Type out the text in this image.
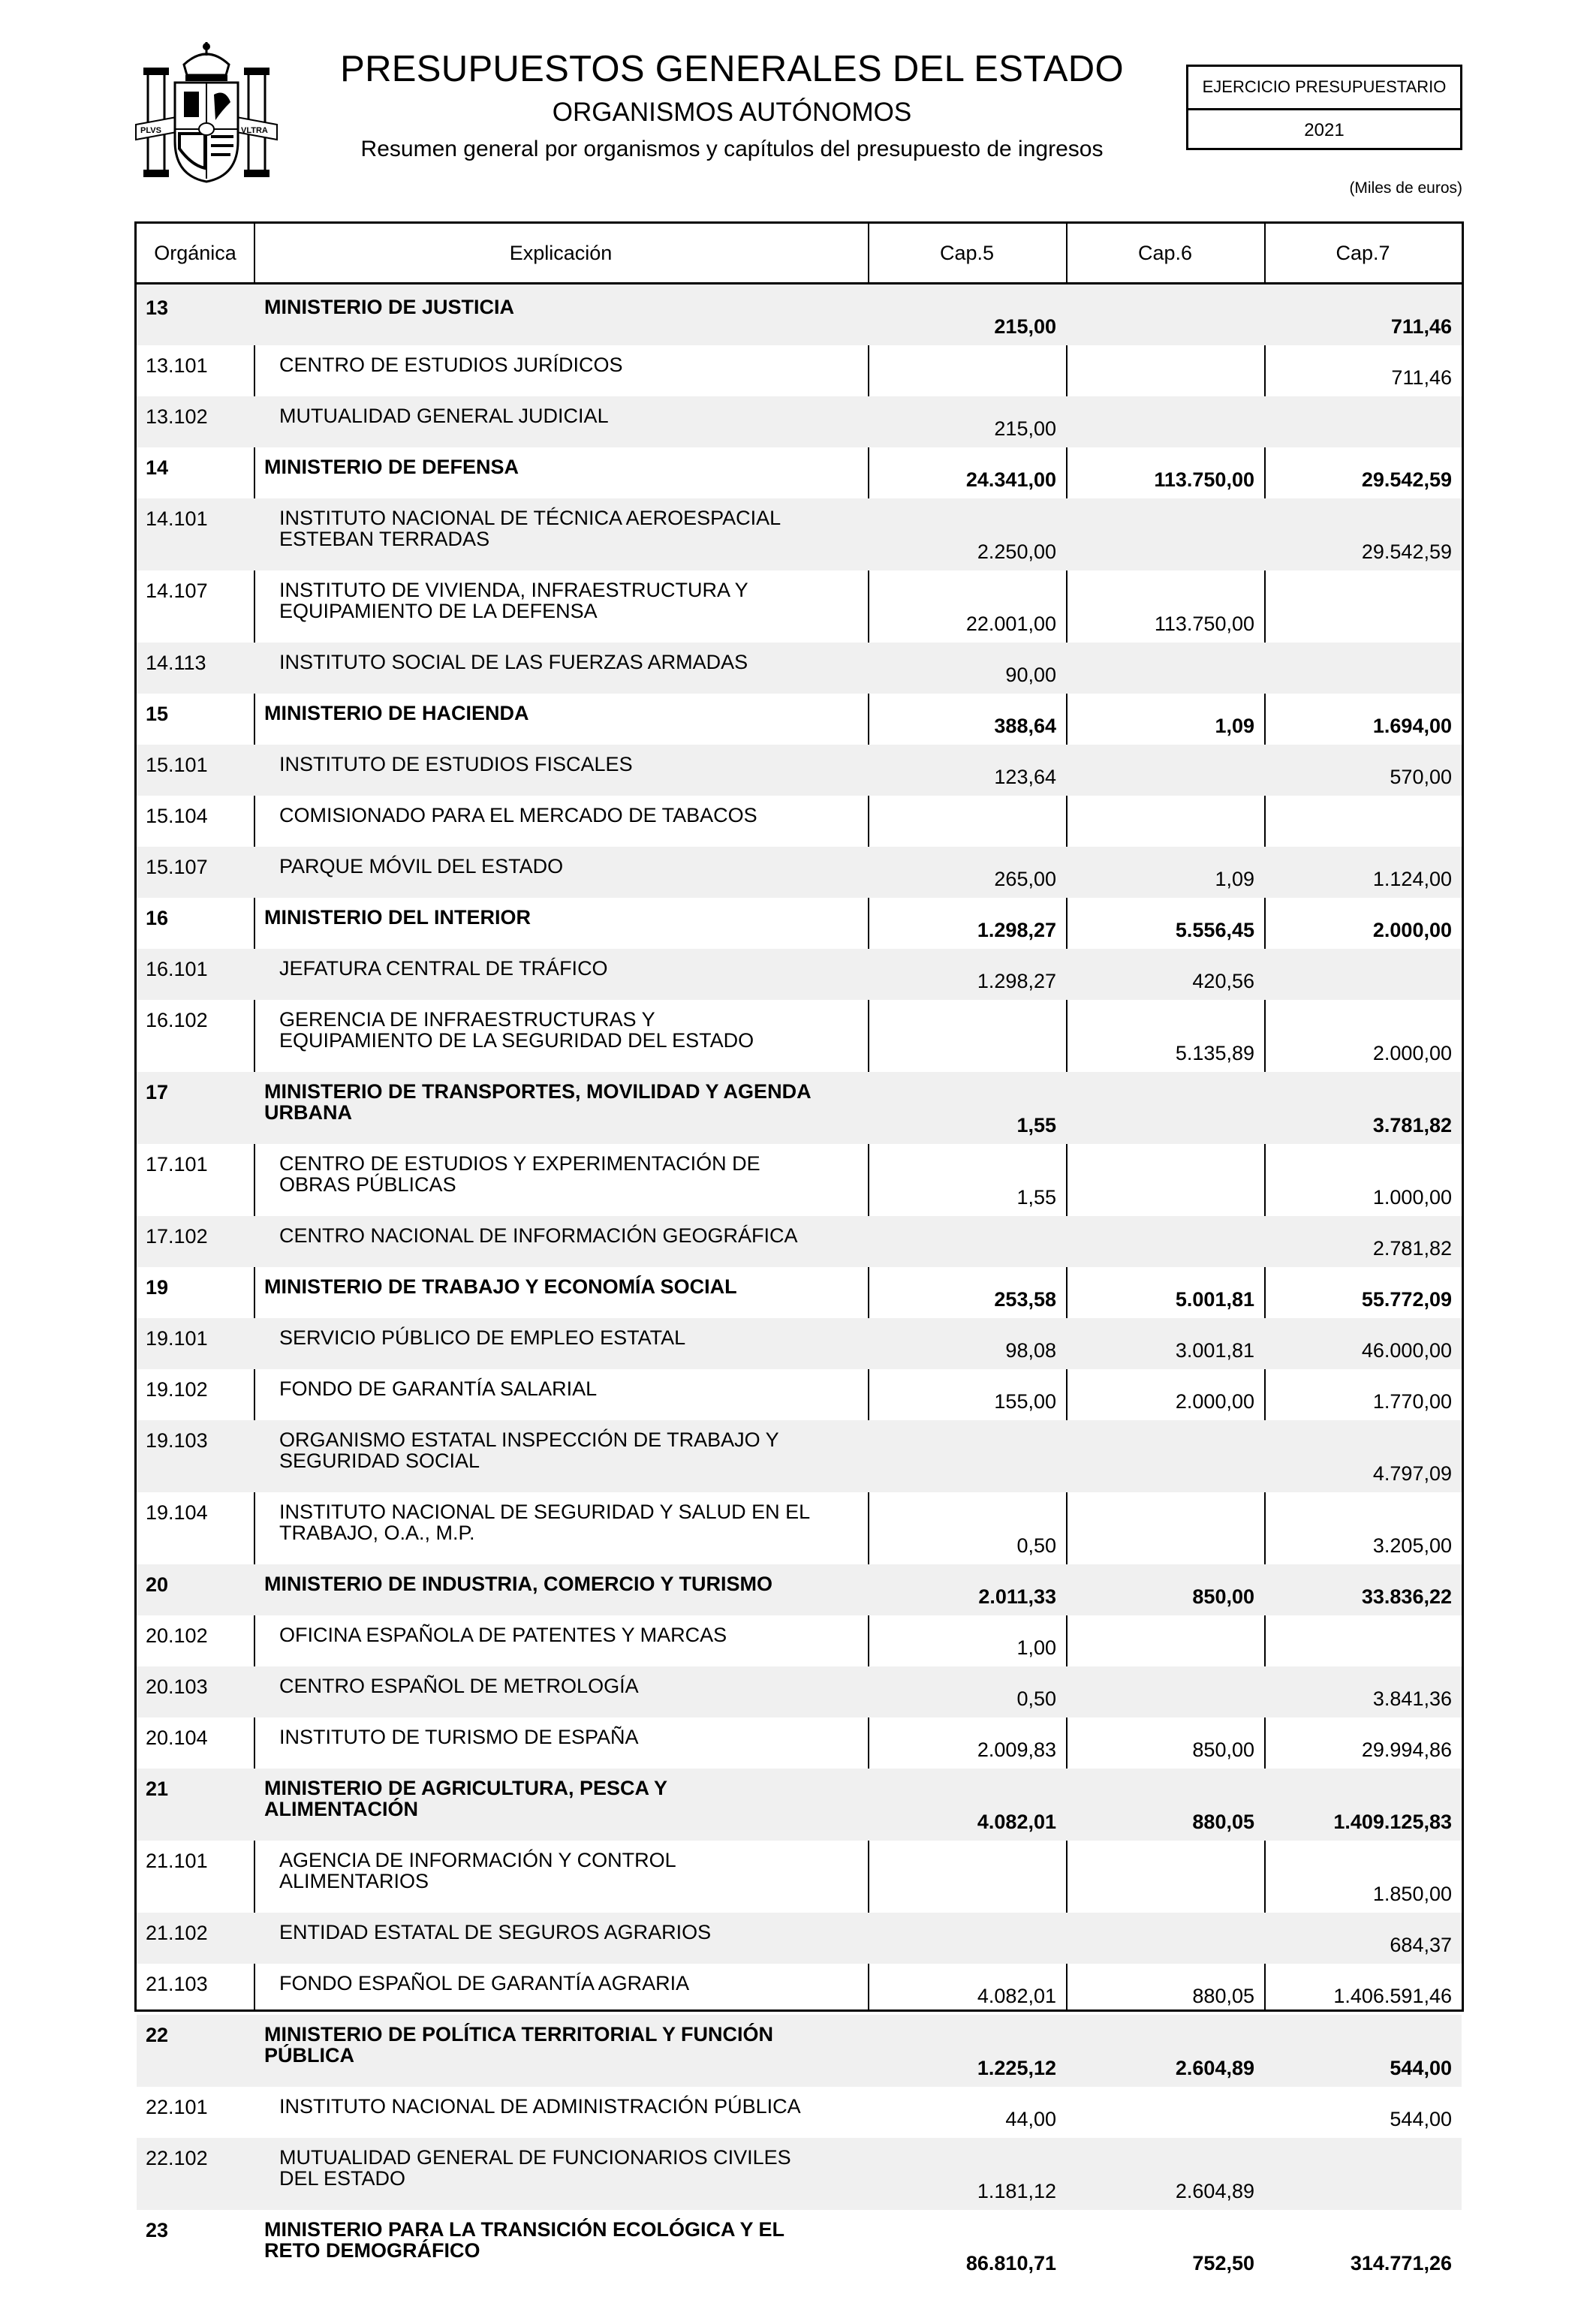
PLVS	VLTRA
PRESUPUESTOS GENERALES DEL ESTADO
ORGANISMOS AUTÓNOMOS
Resumen general por organismos y capítulos del presupuesto de ingresos
EJERCICIO PRESUPUESTARIO
2021
(Miles de euros)
Orgánica	Explicación	Cap.5	Cap.6	Cap.7
13	MINISTERIO DE JUSTICIA	215,00		711,46
13.101	CENTRO DE ESTUDIOS JURÍDICOS			711,46
13.102	MUTUALIDAD GENERAL JUDICIAL	215,00		
14	MINISTERIO DE DEFENSA	24.341,00	113.750,00	29.542,59
14.101	INSTITUTO NACIONAL DE TÉCNICA AEROESPACIAL
ESTEBAN TERRADAS	2.250,00		29.542,59
14.107	INSTITUTO DE VIVIENDA, INFRAESTRUCTURA Y
EQUIPAMIENTO DE LA DEFENSA	22.001,00	113.750,00	
14.113	INSTITUTO SOCIAL DE LAS FUERZAS ARMADAS	90,00		
15	MINISTERIO DE HACIENDA	388,64	1,09	1.694,00
15.101	INSTITUTO DE ESTUDIOS FISCALES	123,64		570,00
15.104	COMISIONADO PARA EL MERCADO DE TABACOS			
15.107	PARQUE MÓVIL DEL ESTADO	265,00	1,09	1.124,00
16	MINISTERIO DEL INTERIOR	1.298,27	5.556,45	2.000,00
16.101	JEFATURA CENTRAL DE TRÁFICO	1.298,27	420,56	
16.102	GERENCIA DE INFRAESTRUCTURAS Y
EQUIPAMIENTO DE LA SEGURIDAD DEL ESTADO		5.135,89	2.000,00
17	MINISTERIO DE TRANSPORTES, MOVILIDAD Y AGENDA
URBANA	1,55		3.781,82
17.101	CENTRO DE ESTUDIOS Y EXPERIMENTACIÓN DE
OBRAS PÚBLICAS	1,55		1.000,00
17.102	CENTRO NACIONAL DE INFORMACIÓN GEOGRÁFICA			2.781,82
19	MINISTERIO DE TRABAJO Y ECONOMÍA SOCIAL	253,58	5.001,81	55.772,09
19.101	SERVICIO PÚBLICO DE EMPLEO ESTATAL	98,08	3.001,81	46.000,00
19.102	FONDO DE GARANTÍA SALARIAL	155,00	2.000,00	1.770,00
19.103	ORGANISMO ESTATAL INSPECCIÓN DE TRABAJO Y
SEGURIDAD SOCIAL			4.797,09
19.104	INSTITUTO NACIONAL DE SEGURIDAD Y SALUD EN EL
TRABAJO, O.A., M.P.	0,50		3.205,00
20	MINISTERIO DE INDUSTRIA, COMERCIO Y TURISMO	2.011,33	850,00	33.836,22
20.102	OFICINA ESPAÑOLA DE PATENTES Y MARCAS	1,00		
20.103	CENTRO ESPAÑOL DE METROLOGÍA	0,50		3.841,36
20.104	INSTITUTO DE TURISMO DE ESPAÑA	2.009,83	850,00	29.994,86
21	MINISTERIO DE AGRICULTURA, PESCA Y
ALIMENTACIÓN	4.082,01	880,05	1.409.125,83
21.101	AGENCIA DE INFORMACIÓN Y CONTROL
ALIMENTARIOS			1.850,00
21.102	ENTIDAD ESTATAL DE SEGUROS AGRARIOS			684,37
21.103	FONDO ESPAÑOL DE GARANTÍA AGRARIA	4.082,01	880,05	1.406.591,46
22	MINISTERIO DE POLÍTICA TERRITORIAL Y FUNCIÓN
PÚBLICA	1.225,12	2.604,89	544,00
22.101	INSTITUTO NACIONAL DE ADMINISTRACIÓN PÚBLICA	44,00		544,00
22.102	MUTUALIDAD GENERAL DE FUNCIONARIOS CIVILES
DEL ESTADO	1.181,12	2.604,89	
23	MINISTERIO PARA LA TRANSICIÓN ECOLÓGICA Y EL
RETO DEMOGRÁFICO	86.810,71	752,50	314.771,26
